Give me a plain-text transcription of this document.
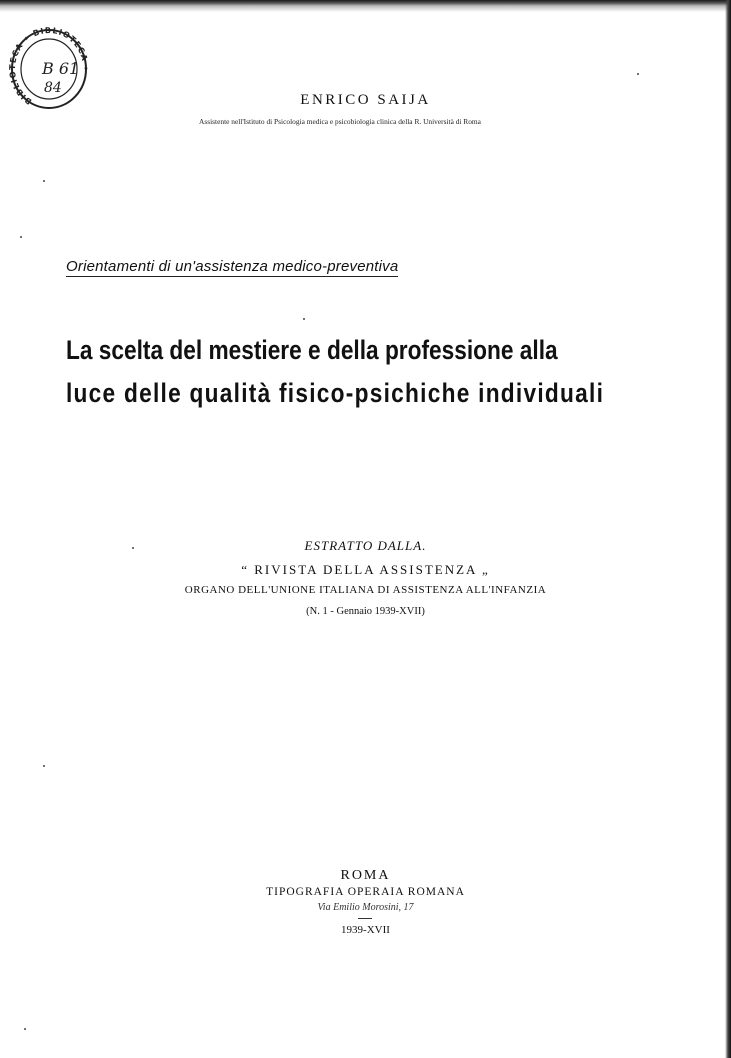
BIBLIOTECA • BIBLIOTECA •
B 61
84
ENRICO SAIJA
Assistente nell'Istituto di Psicologia medica e psicobiologia clinica della R. Università di Roma
Orientamenti di un'assistenza medico-preventiva
La scelta del mestiere e della professione alla
luce delle qualità fisico-psichiche individuali
ESTRATTO DALLA.
“ RIVISTA DELLA ASSISTENZA „
ORGANO DELL'UNIONE ITALIANA DI ASSISTENZA ALL'INFANZIA
(N. 1 - Gennaio 1939-XVII)
ROMA
TIPOGRAFIA OPERAIA ROMANA
Via Emilio Morosini, 17
1939-XVII
